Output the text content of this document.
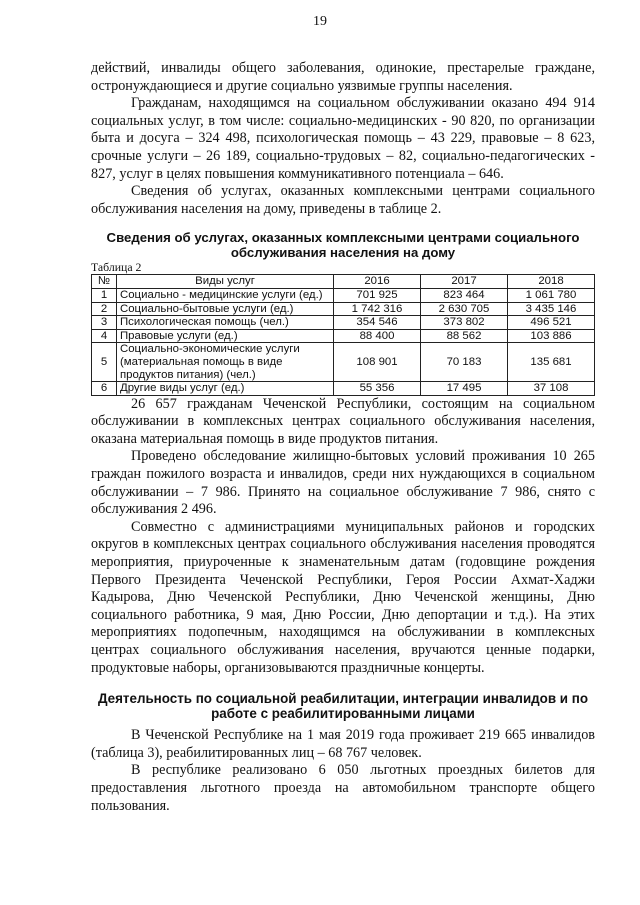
19

действий, инвалиды общего заболевания, одинокие, престарелые граждане, остронуждающиеся и другие социально уязвимые группы населения.

Гражданам, находящимся на социальном обслуживании оказано 494 914 социальных услуг, в том числе: социально-медицинских - 90 820, по организации быта и досуга – 324 498, психологическая помощь – 43 229, правовые – 8 623, срочные услуги – 26 189, социально-трудовых – 82, социально-педагогических - 827, услуг в целях повышения коммуникативного потенциала – 646.

Сведения об услугах, оказанных комплексными центрами социального обслуживания населения на дому, приведены в таблице 2.

Сведения об услугах, оказанных комплексными центрами социального обслуживания населения на дому
Таблица 2
№	Виды услуг	2016	2017	2018
1	Социально - медицинские услуги (ед.)	701 925	823 464	1 061 780
2	Социально-бытовые услуги (ед.)	1 742 316	2 630 705	3 435 146
3	Психологическая помощь (чел.)	354 546	373 802	496 521
4	Правовые услуги (ед.)	88 400	88 562	103 886
5	Социально-экономические услуги (материальная помощь в виде продуктов питания) (чел.)	108 901	70 183	135 681
6	Другие виды услуг (ед.)	55 356	17 495	37 108

26 657 гражданам Чеченской Республики, состоящим на социальном обслуживании в комплексных центрах социального обслуживания населения, оказана материальная помощь в виде продуктов питания.

Проведено обследование жилищно-бытовых условий проживания 10 265 граждан пожилого возраста и инвалидов, среди них нуждающихся в социальном обслуживании – 7 986. Принято на социальное обслуживание 7 986, снято с обслуживания 2 496.

Совместно с администрациями муниципальных районов и городских округов в комплексных центрах социального обслуживания населения проводятся мероприятия, приуроченные к знаменательным датам (годовщине рождения Первого Президента Чеченской Республики, Героя России Ахмат-Хаджи Кадырова, Дню Чеченской Республики, Дню Чеченской женщины, Дню социального работника, 9 мая, Дню России, Дню депортации и т.д.). На этих мероприятиях подопечным, находящимся на обслуживании в комплексных центрах социального обслуживания населения, вручаются ценные подарки, продуктовые наборы, организовываются праздничные концерты.

Деятельность по социальной реабилитации, интеграции инвалидов и по работе с реабилитированными лицами

В Чеченской Республике на 1 мая 2019 года проживает 219 665 инвалидов (таблица 3), реабилитированных лиц – 68 767 человек.

В республике реализовано 6 050 льготных проездных билетов для предоставления льготного проезда на автомобильном транспорте общего пользования.
